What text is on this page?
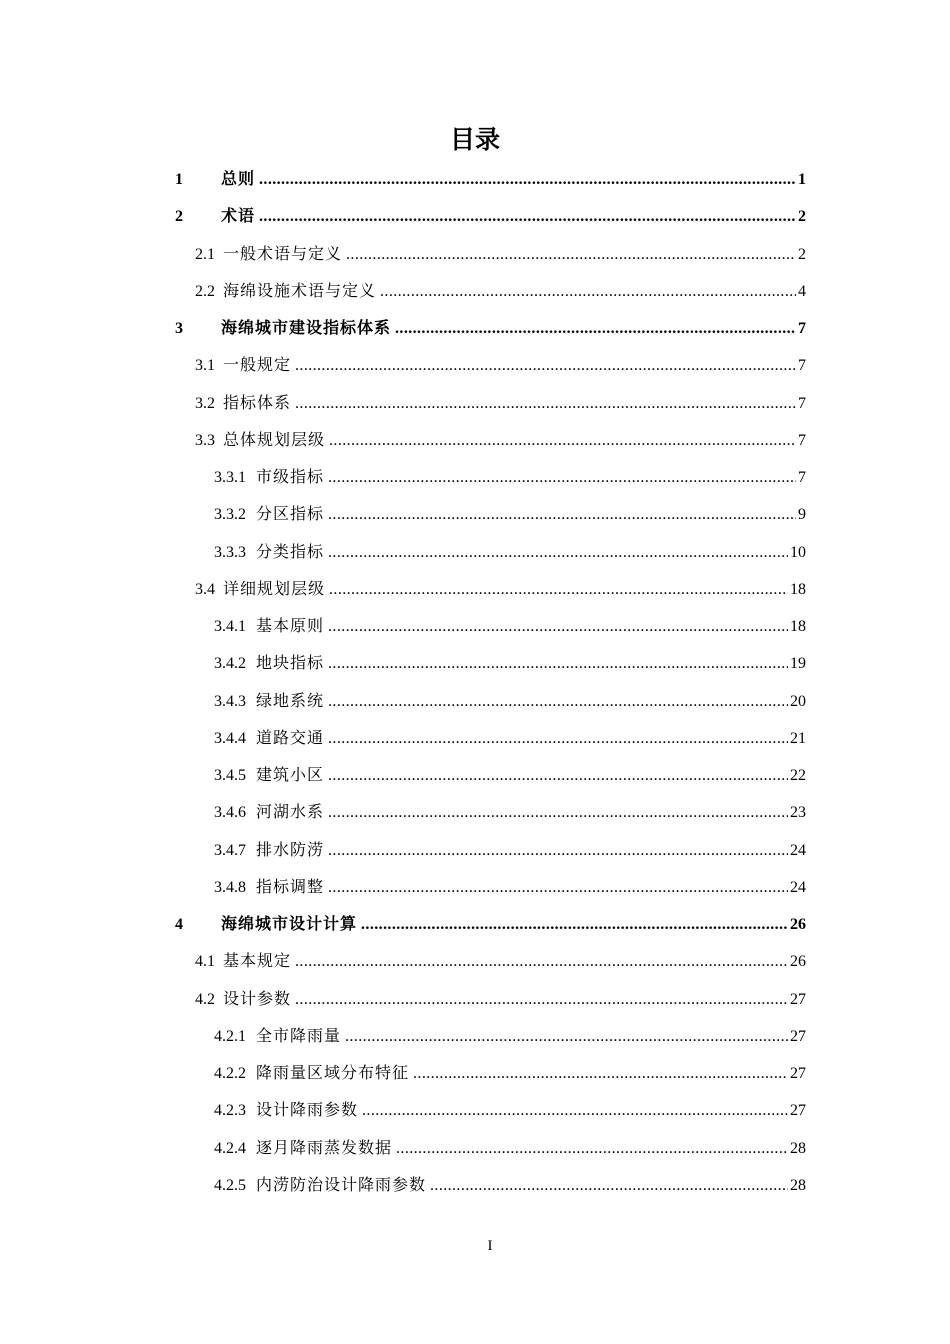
目录
1	总则 .....	1
2	术语 .....	2
2.1 一般术语与定义 .....	2
2.2 海绵设施术语与定义 .....	4
3	海绵城市建设指标体系 .....	7
3.1 一般规定 .....	7
3.2 指标体系 .....	7
3.3 总体规划层级 .....	7
3.3.1 市级指标 .....	7
3.3.2 分区指标 .....	9
3.3.3 分类指标 .....	10
3.4 详细规划层级 .....	18
3.4.1 基本原则 .....	18
3.4.2 地块指标 .....	19
3.4.3 绿地系统 .....	20
3.4.4 道路交通 .....	21
3.4.5 建筑小区 .....	22
3.4.6 河湖水系 .....	23
3.4.7 排水防涝 .....	24
3.4.8 指标调整 .....	24
4	海绵城市设计计算 .....	26
4.1 基本规定 .....	26
4.2 设计参数 .....	27
4.2.1 全市降雨量 .....	27
4.2.2 降雨量区域分布特征 .....	27
4.2.3 设计降雨参数 .....	27
4.2.4 逐月降雨蒸发数据 .....	28
4.2.5 内涝防治设计降雨参数 .....	28
I
